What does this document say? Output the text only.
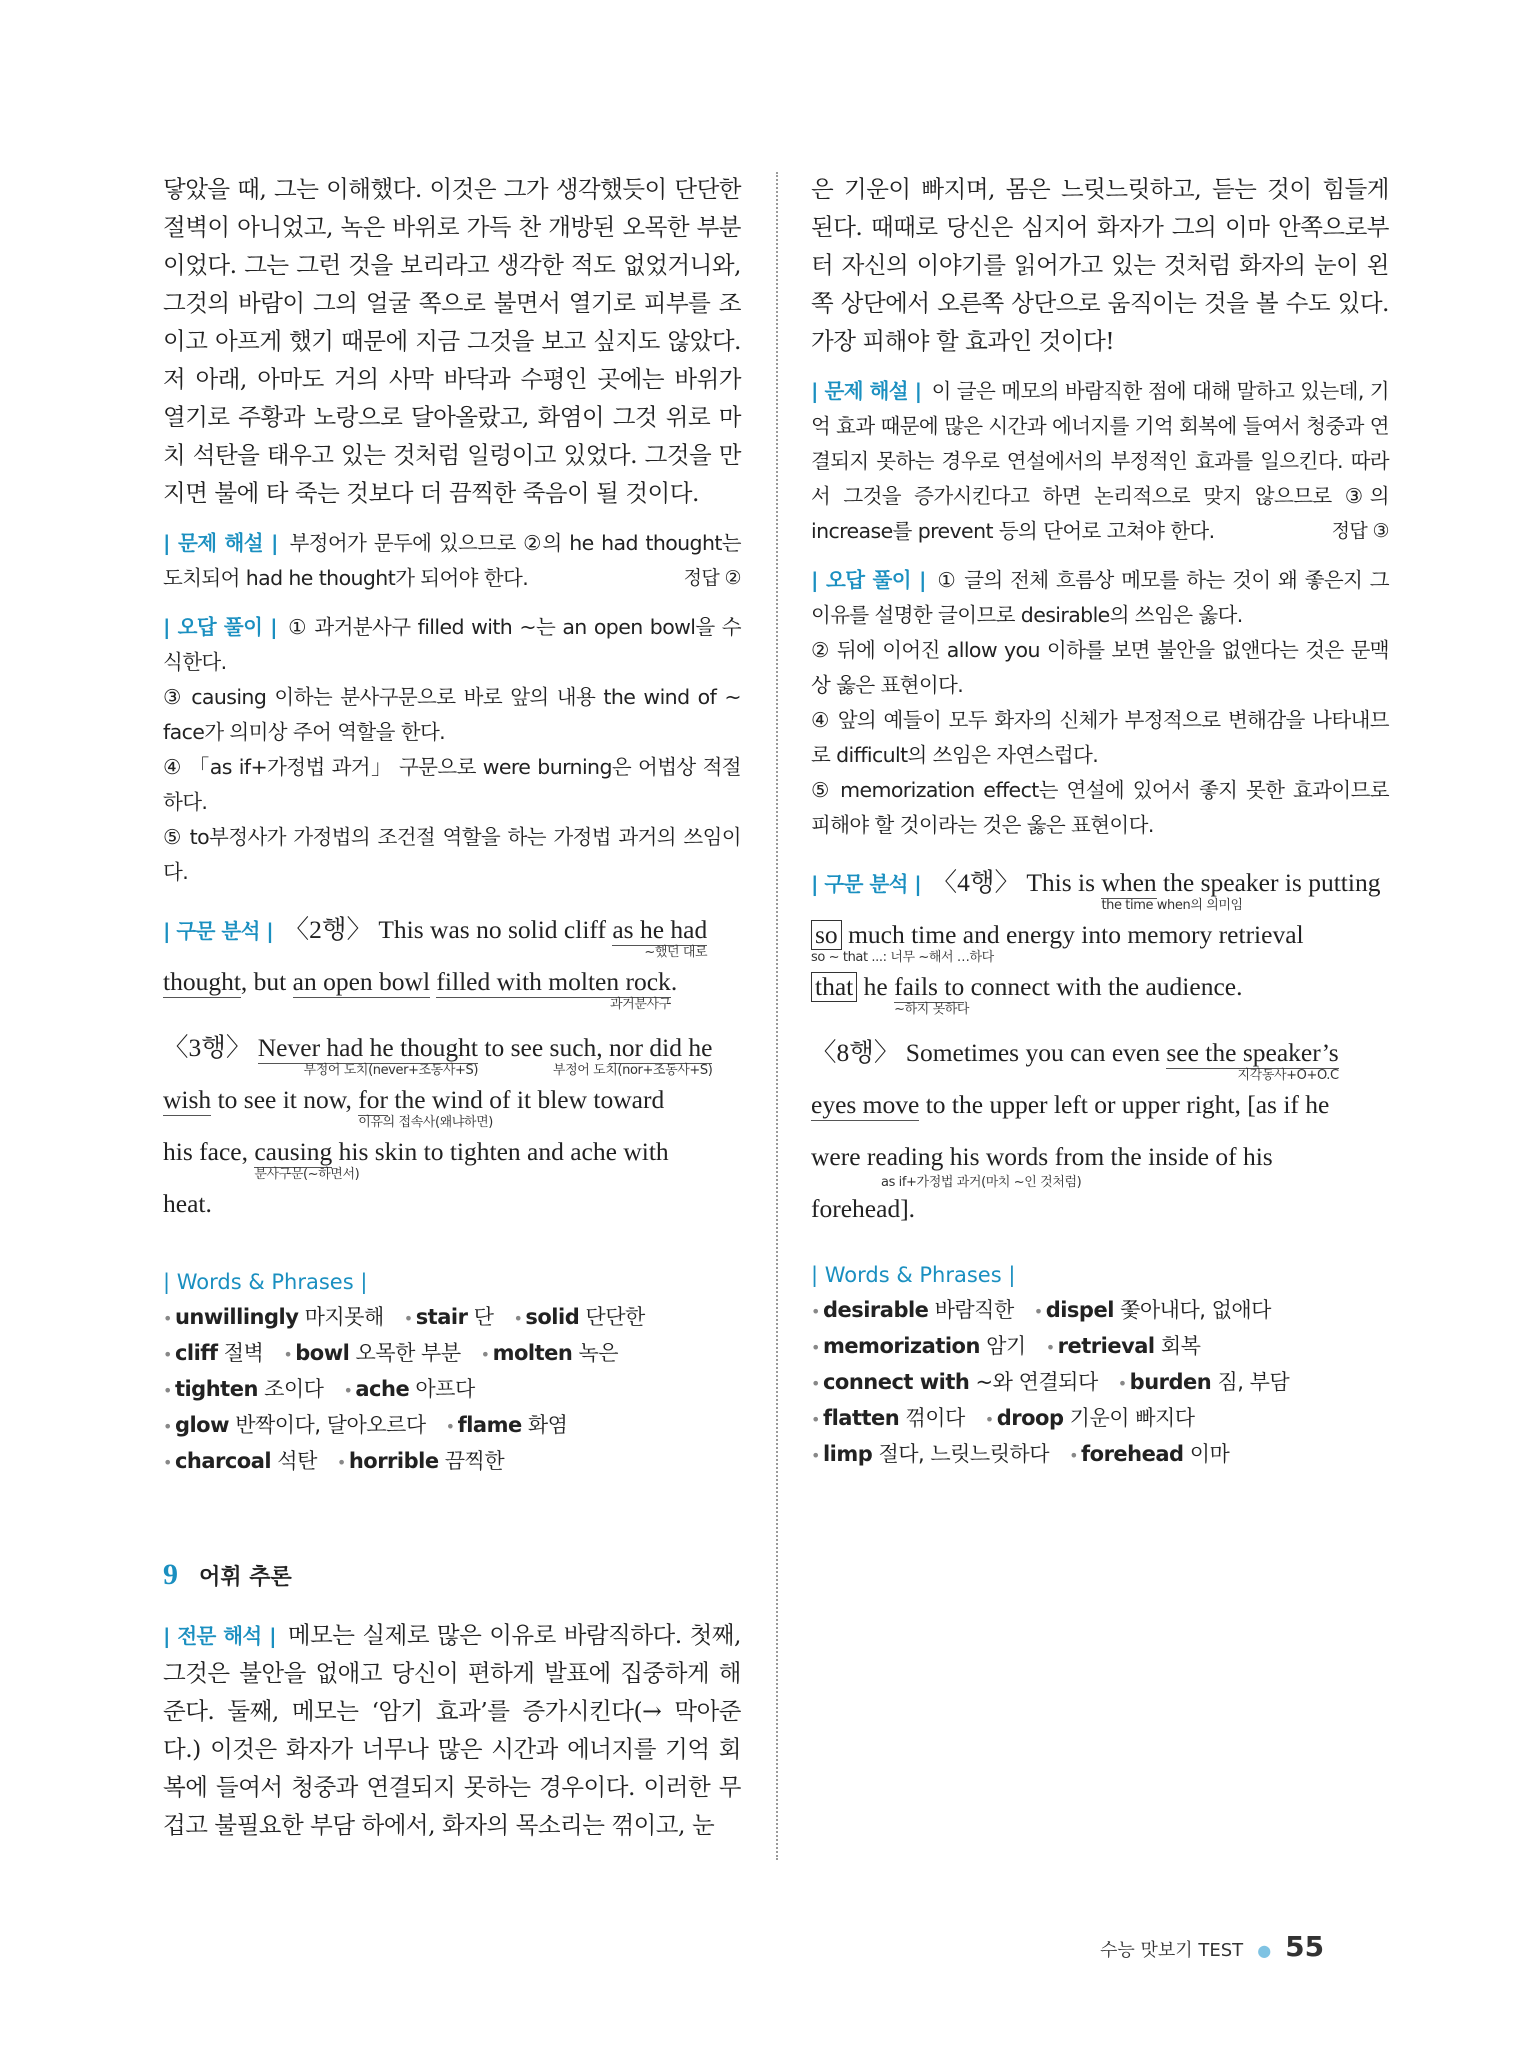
닿았을 때, 그는 이해했다. 이것은 그가 생각했듯이 단단한 절벽이 아니었고, 녹은 바위로 가득 찬 개방된 오목한 부분이었다. 그는 그런 것을 보리라고 생각한 적도 없었거니와, 그것의 바람이 그의 얼굴 쪽으로 불면서 열기로 피부를 조이고 아프게 했기 때문에 지금 그것을 보고 싶지도 않았다. 저 아래, 아마도 거의 사막 바닥과 수평인 곳에는 바위가 열기로 주황과 노랑으로 달아올랐고, 화염이 그것 위로 마치 석탄을 태우고 있는 것처럼 일렁이고 있었다. 그것을 만지면 불에 타 죽는 것보다 더 끔찍한 죽음이 될 것이다.

| 문제 해설 | 부정어가 문두에 있으므로 ②의 he had thought는 도치되어 had he thought가 되어야 한다.	정답 ②

| 오답 풀이 | ① 과거분사구 filled with ~는 an open bowl을 수식한다.
③ causing 이하는 분사구문으로 바로 앞의 내용 the wind of ~ face가 의미상 주어 역할을 한다.
④ 「as if+가정법 과거」 구문으로 were burning은 어법상 적절하다.
⑤ to부정사가 가정법의 조건절 역할을 하는 가정법 과거의 쓰임이다.
| 구문 분석 | 〈2행〉 This was no solid cliff as he had
~했던 대로
thought, but an open bowl filled with molten rock
과거분사구
.
〈3행〉 Never had he thought
부정어 도치(never+조동사+S)
to see such, nor did he
부정어 도치(nor+조동사+S)
wish to see it now, for
이유의 접속사(왜냐하면)
the wind of it blew toward his face, causing
분사구문(~하면서)
his skin to tighten and ache with heat.
| Words & Phrases |
• unwillingly 마지못해 • stair 단 • solid 단단한
• cliff 절벽 • bowl 오목한 부분 • molten 녹은
• tighten 조이다 • ache 아프다
• glow 반짝이다, 달아오르다 • flame 화염
• charcoal 석탄 • horrible 끔찍한
9 어휘 추론

| 전문 해석 | 메모는 실제로 많은 이유로 바람직하다. 첫째, 그것은 불안을 없애고 당신이 편하게 발표에 집중하게 해 준다. 둘째, 메모는 ‘암기 효과’를 증가시킨다(→ 막아준다.) 이것은 화자가 너무나 많은 시간과 에너지를 기억 회복에 들여서 청중과 연결되지 못하는 경우이다. 이러한 무겁고 불필요한 부담 하에서, 화자의 목소리는 꺾이고, 눈

은 기운이 빠지며, 몸은 느릿느릿하고, 듣는 것이 힘들게 된다. 때때로 당신은 심지어 화자가 그의 이마 안쪽으로부터 자신의 이야기를 읽어가고 있는 것처럼 화자의 눈이 왼쪽 상단에서 오른쪽 상단으로 움직이는 것을 볼 수도 있다. 가장 피해야 할 효과인 것이다!

| 문제 해설 | 이 글은 메모의 바람직한 점에 대해 말하고 있는데, 기억 효과 때문에 많은 시간과 에너지를 기억 회복에 들여서 청중과 연결되지 못하는 경우로 연설에서의 부정적인 효과를 일으킨다. 따라서 그것을 증가시킨다고 하면 논리적으로 맞지 않으므로 ③의 increase를 prevent 등의 단어로 고쳐야 한다.	정답 ③

| 오답 풀이 | ① 글의 전체 흐름상 메모를 하는 것이 왜 좋은지 그 이유를 설명한 글이므로 desirable의 쓰임은 옳다.
② 뒤에 이어진 allow you 이하를 보면 불안을 없앤다는 것은 문맥상 옳은 표현이다.
④ 앞의 예들이 모두 화자의 신체가 부정적으로 변해감을 나타내므로 difficult의 쓰임은 자연스럽다.
⑤ memorization effect는 연설에 있어서 좋지 못한 효과이므로 피해야 할 것이라는 것은 옳은 표현이다.
| 구문 분석 | 〈4행〉 This is when
the time when의 의미임
the speaker is putting so
so ~ that ...: 너무 ~해서 …하다
much time and energy into memory retrieval that he fails to
~하지 못하다
connect with the audience.
〈8행〉 Sometimes you can even see the speaker’s
지각동사+O+O.C
eyes move to the upper left or upper right, [as if he were reading his words from the inside of his
as if+가정법 과거(마치 ~인 것처럼)
forehead].
| Words & Phrases |
• desirable 바람직한 • dispel 쫓아내다, 없애다
• memorization 암기 • retrieval 회복
• connect with ~와 연결되다 • burden 짐, 부담
• flatten 꺾이다 • droop 기운이 빠지다
• limp 절다, 느릿느릿하다 • forehead 이마
수능 맛보기 TEST ● 55
